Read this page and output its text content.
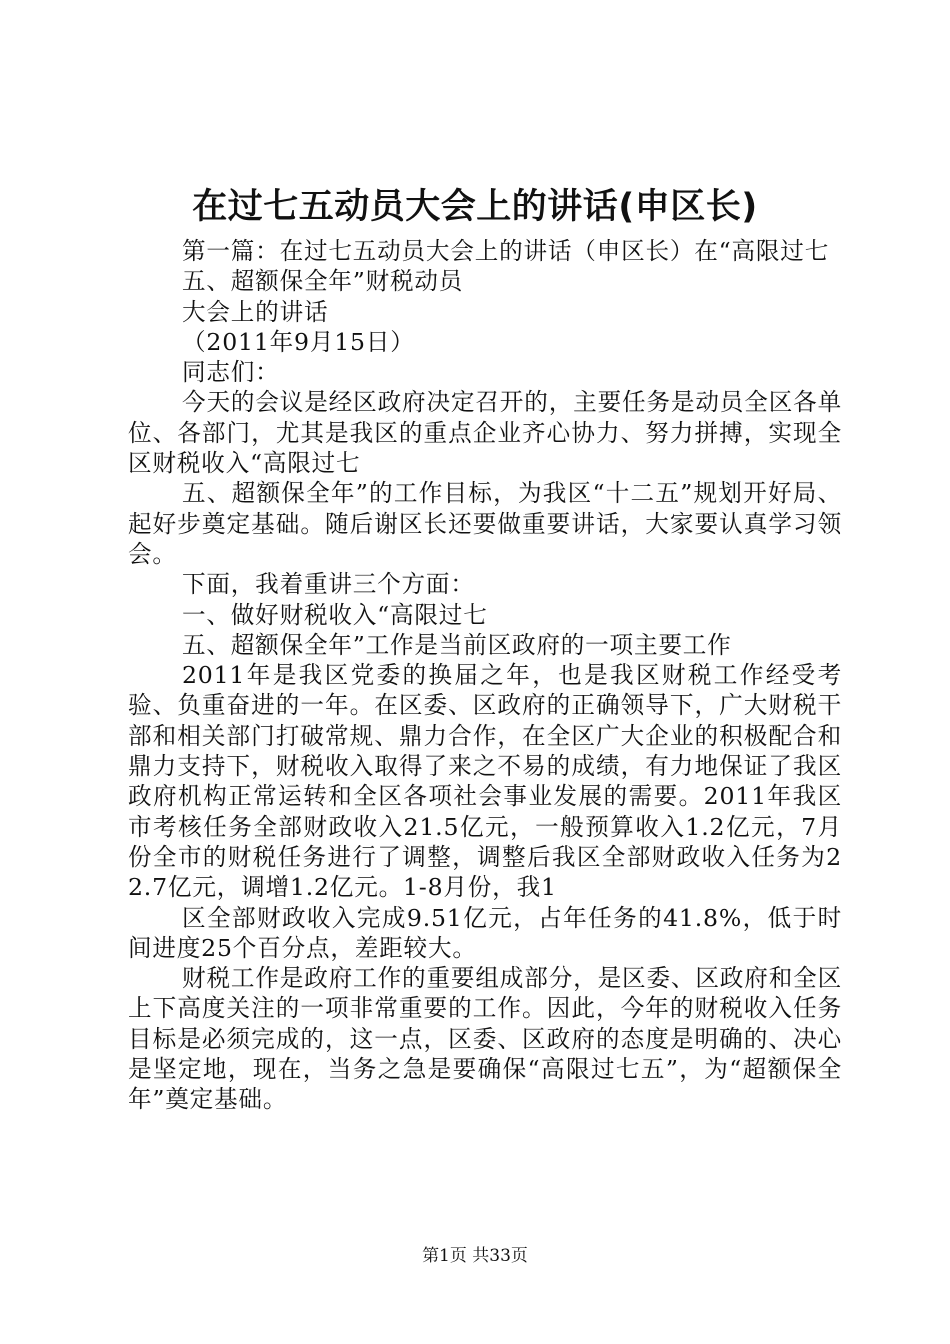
在过七五动员大会上的讲话(申区长)

第一篇：在过七五动员大会上的讲话（申区长）在“高限过七

五、超额保全年”财税动员

大会上的讲话

（2011年9月15日）

同志们：

今天的会议是经区政府决定召开的，主要任务是动员全区各单位、各部门，尤其是我区的重点企业齐心协力、努力拼搏，实现全区财税收入“高限过七

五、超额保全年”的工作目标，为我区“十二五”规划开好局、起好步奠定基础。随后谢区长还要做重要讲话，大家要认真学习领会。

下面，我着重讲三个方面：

一、做好财税收入“高限过七

五、超额保全年”工作是当前区政府的一项主要工作

2011年是我区党委的换届之年，也是我区财税工作经受考验、负重奋进的一年。在区委、区政府的正确领导下，广大财税干部和相关部门打破常规、鼎力合作，在全区广大企业的积极配合和鼎力支持下，财税收入取得了来之不易的成绩，有力地保证了我区政府机构正常运转和全区各项社会事业发展的需要。2011年我区市考核任务全部财政收入21.5亿元，一般预算收入1.2亿元，7月份全市的财税任务进行了调整，调整后我区全部财政收入任务为22.7亿元，调增1.2亿元。1-8月份，我1

区全部财政收入完成9.51亿元，占年任务的41.8%，低于时间进度25个百分点，差距较大。

财税工作是政府工作的重要组成部分，是区委、区政府和全区上下高度关注的一项非常重要的工作。因此，今年的财税收入任务目标是必须完成的，这一点，区委、区政府的态度是明确的、决心是坚定地，现在，当务之急是要确保“高限过七五”，为“超额保全年”奠定基础。

第1页 共33页
